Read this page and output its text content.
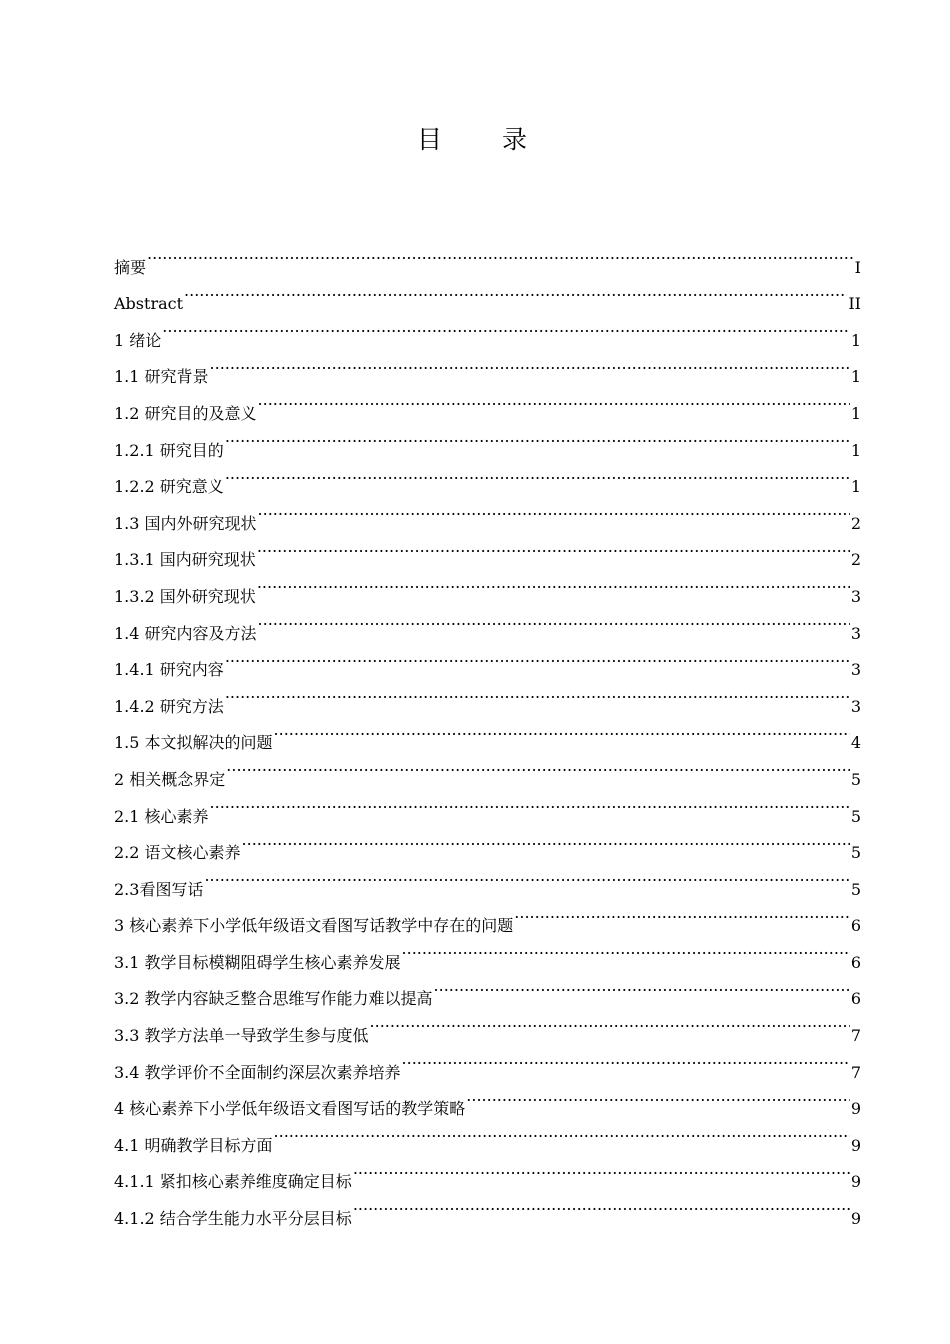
目 录
摘要 .....	I
Abstract .....	II
1 绪论 .....	1
1.1 研究背景 .....	1
1.2 研究目的及意义 .....	1
1.2.1 研究目的 .....	1
1.2.2 研究意义 .....	1
1.3 国内外研究现状 .....	2
1.3.1 国内研究现状 .....	2
1.3.2 国外研究现状 .....	3
1.4 研究内容及方法 .....	3
1.4.1 研究内容 .....	3
1.4.2 研究方法 .....	3
1.5 本文拟解决的问题 .....	4
2 相关概念界定 .....	5
2.1 核心素养 .....	5
2.2 语文核心素养 .....	5
2.3看图写话 .....	5
3 核心素养下小学低年级语文看图写话教学中存在的问题 .....	6
3.1 教学目标模糊阻碍学生核心素养发展 .....	6
3.2 教学内容缺乏整合思维写作能力难以提高 .....	6
3.3 教学方法单一导致学生参与度低 .....	7
3.4 教学评价不全面制约深层次素养培养 .....	7
4 核心素养下小学低年级语文看图写话的教学策略 .....	9
4.1 明确教学目标方面 .....	9
4.1.1 紧扣核心素养维度确定目标 .....	9
4.1.2 结合学生能力水平分层目标 .....	9
